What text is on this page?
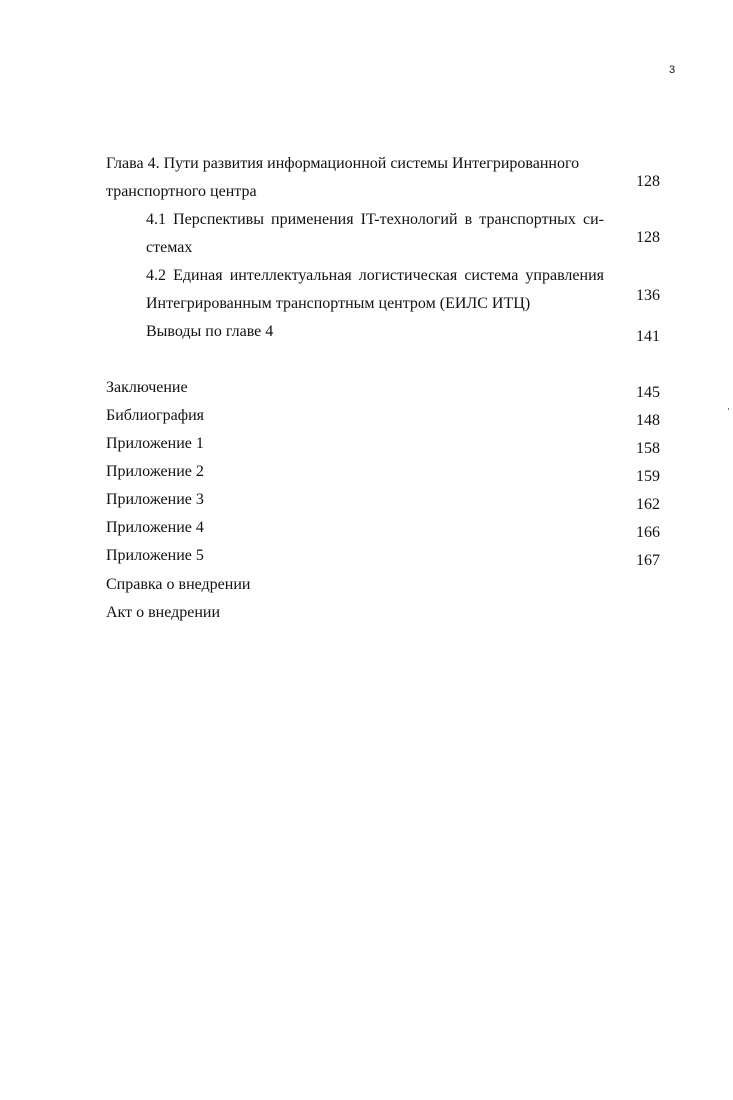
3
Глава 4. Пути развития информационной системы Интегрированного
транспортного центра
128
4.1 Перспективы применения IT-технологий в транспортных си-
стемах
128
4.2 Единая интеллектуальная логистическая система управления
Интегрированным транспортным центром (ЕИЛС ИТЦ)	136
Выводы по главе 4	141
Заключение	145
Библиография	148
Приложение 1	158
Приложение 2	159
Приложение 3	162
Приложение 4	166
Приложение 5	167
Справка о внедрении
Акт о внедрении
